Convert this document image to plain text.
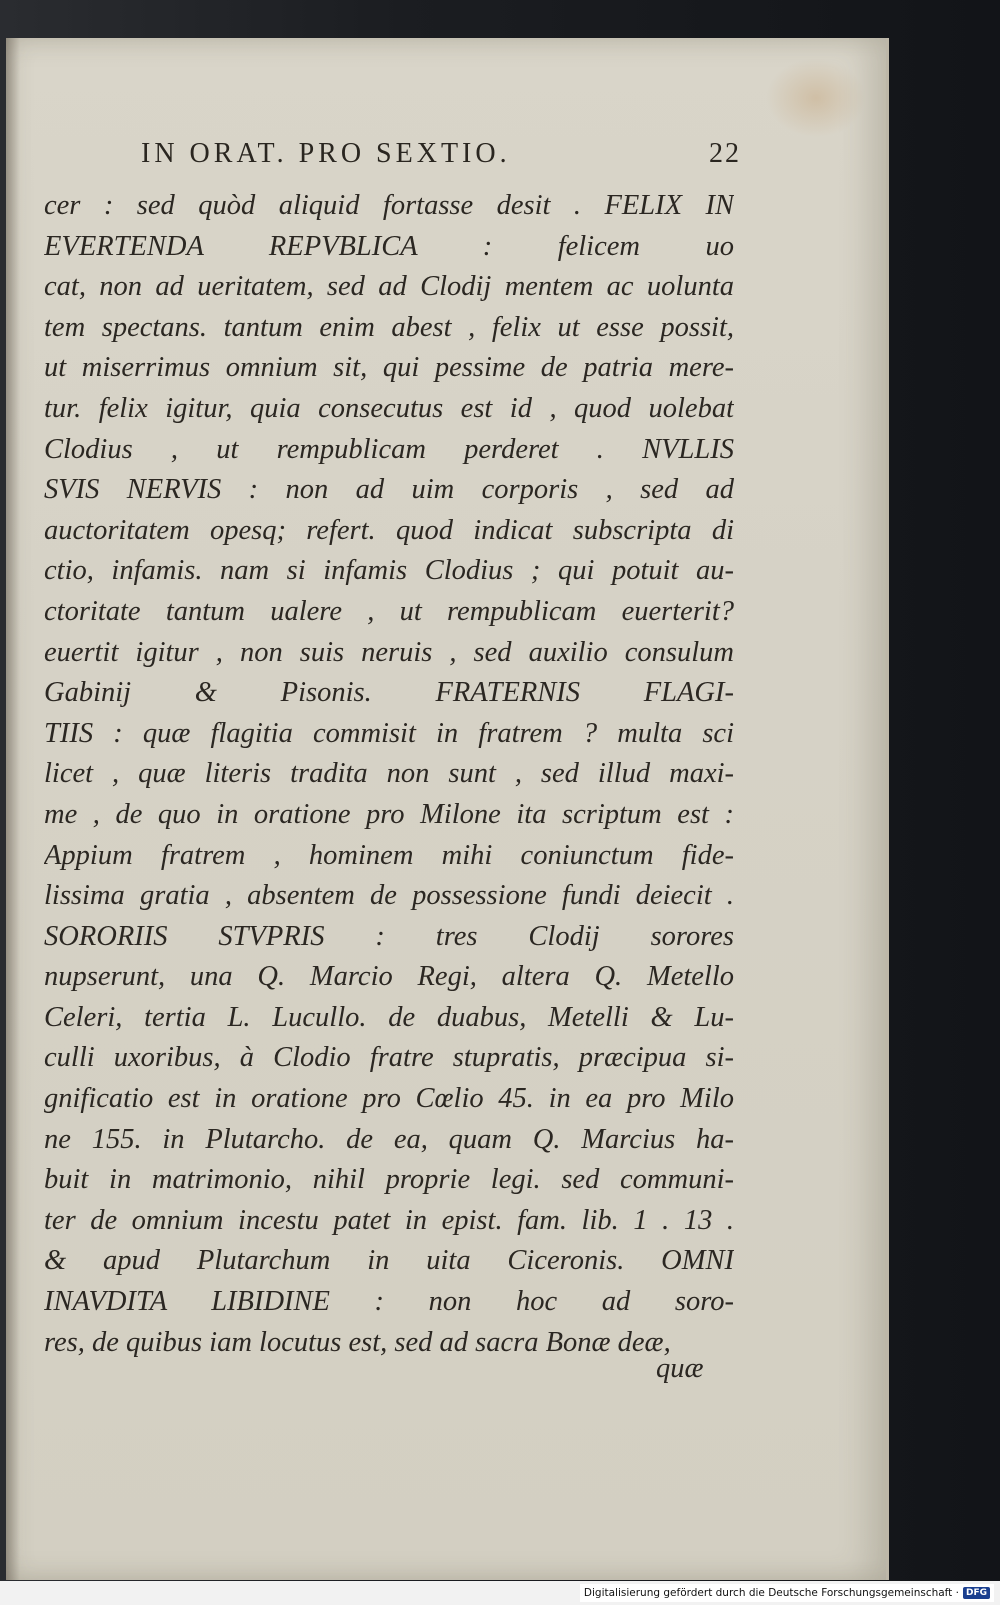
IN ORAT. PRO SEXTIO.	22
cer : sed quòd aliquid fortasse desit . FELIX IN
EVERTENDA REPVBLICA : felicem uo
cat, non ad ueritatem, sed ad Clodij mentem ac uolunta
tem spectans. tantum enim abest , felix ut esse possit,
ut miserrimus omnium sit, qui pessime de patria mere-
tur. felix igitur, quia consecutus est id , quod uolebat
Clodius , ut rempublicam perderet . NVLLIS
SVIS NERVIS : non ad uim corporis , sed ad
auctoritatem opesq; refert. quod indicat subscripta di
ctio, infamis. nam si infamis Clodius ; qui potuit au-
ctoritate tantum ualere , ut rempublicam euerterit?
euertit igitur , non suis neruis , sed auxilio consulum
Gabinij & Pisonis. FRATERNIS FLAGI-
TIIS : quæ flagitia commisit in fratrem ? multa sci
licet , quæ literis tradita non sunt , sed illud maxi-
me , de quo in oratione pro Milone ita scriptum est :
Appium fratrem , hominem mihi coniunctum fide-
lissima gratia , absentem de possessione fundi deiecit .
SORORIIS STVPRIS : tres Clodij sorores
nupserunt, una Q. Marcio Regi, altera Q. Metello
Celeri, tertia L. Lucullo. de duabus, Metelli & Lu-
culli uxoribus, à Clodio fratre stupratis, præcipua si-
gnificatio est in oratione pro Cœlio 45. in ea pro Milo
ne 155. in Plutarcho. de ea, quam Q. Marcius ha-
buit in matrimonio, nihil proprie legi. sed communi-
ter de omnium incestu patet in epist. fam. lib. 1 . 13 .
& apud Plutarchum in uita Ciceronis. OMNI
INAVDITA LIBIDINE : non hoc ad soro-
res, de quibus iam locutus est, sed ad sacra Bonæ deæ,
quæ
Digitalisierung gefördert durch die Deutsche Forschungsgemeinschaft · DFG
